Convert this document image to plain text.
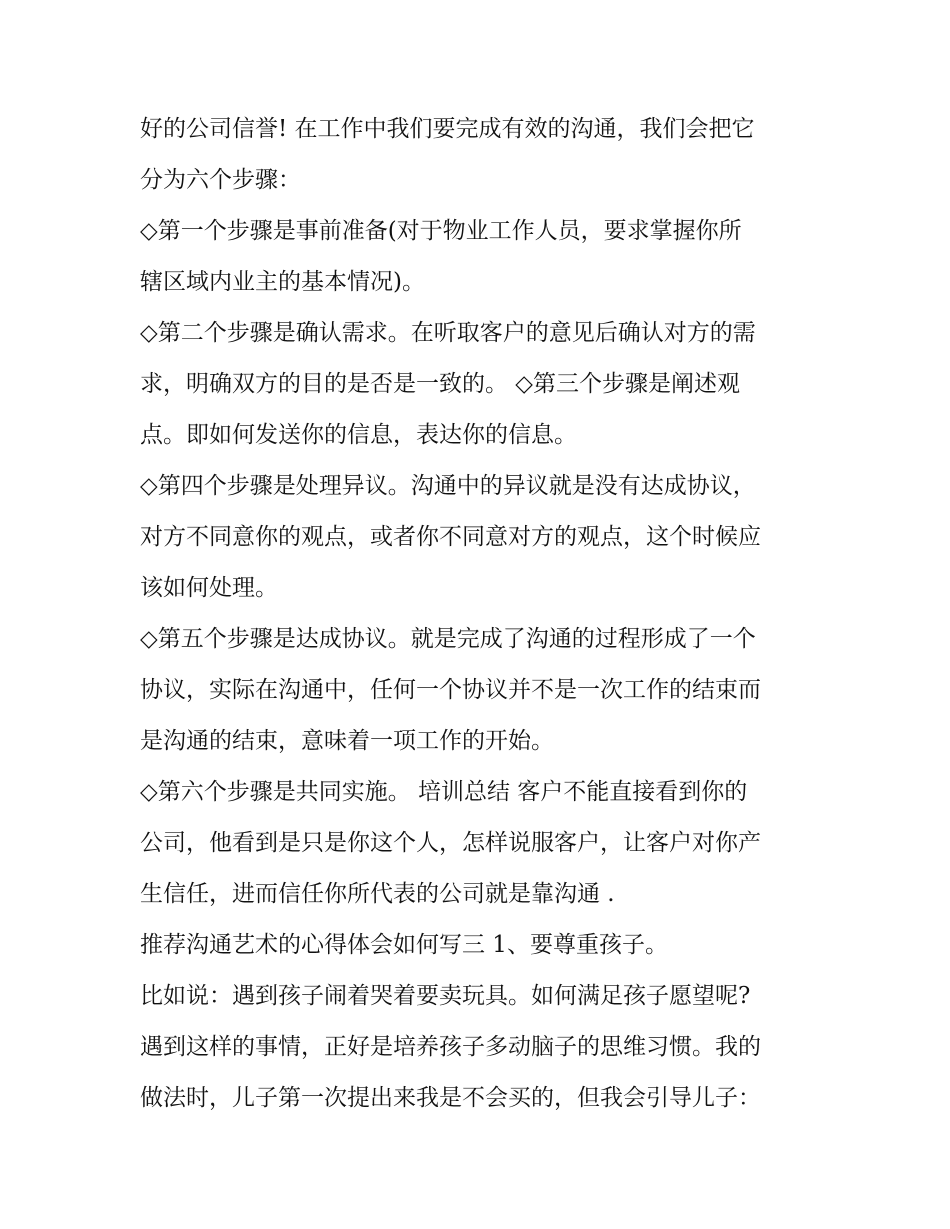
好的公司信誉! 在工作中我们要完成有效的沟通，我们会把它
分为六个步骤：
◇第一个步骤是事前准备(对于物业工作人员，要求掌握你所
辖区域内业主的基本情况)。
◇第二个步骤是确认需求。在听取客户的意见后确认对方的需
求，明确双方的目的是否是一致的。 ◇第三个步骤是阐述观
点。即如何发送你的信息，表达你的信息。
◇第四个步骤是处理异议。沟通中的异议就是没有达成协议，
对方不同意你的观点，或者你不同意对方的观点，这个时候应
该如何处理。
◇第五个步骤是达成协议。就是完成了沟通的过程形成了一个
协议，实际在沟通中，任何一个协议并不是一次工作的结束而
是沟通的结束，意味着一项工作的开始。
◇第六个步骤是共同实施。 培训总结 客户不能直接看到你的
公司，他看到是只是你这个人，怎样说服客户，让客户对你产
生信任，进而信任你所代表的公司就是靠沟通 .
推荐沟通艺术的心得体会如何写三 1、要尊重孩子。
比如说：遇到孩子闹着哭着要卖玩具。如何满足孩子愿望呢?
遇到这样的事情，正好是培养孩子多动脑子的思维习惯。我的
做法时，儿子第一次提出来我是不会买的，但我会引导儿子：
